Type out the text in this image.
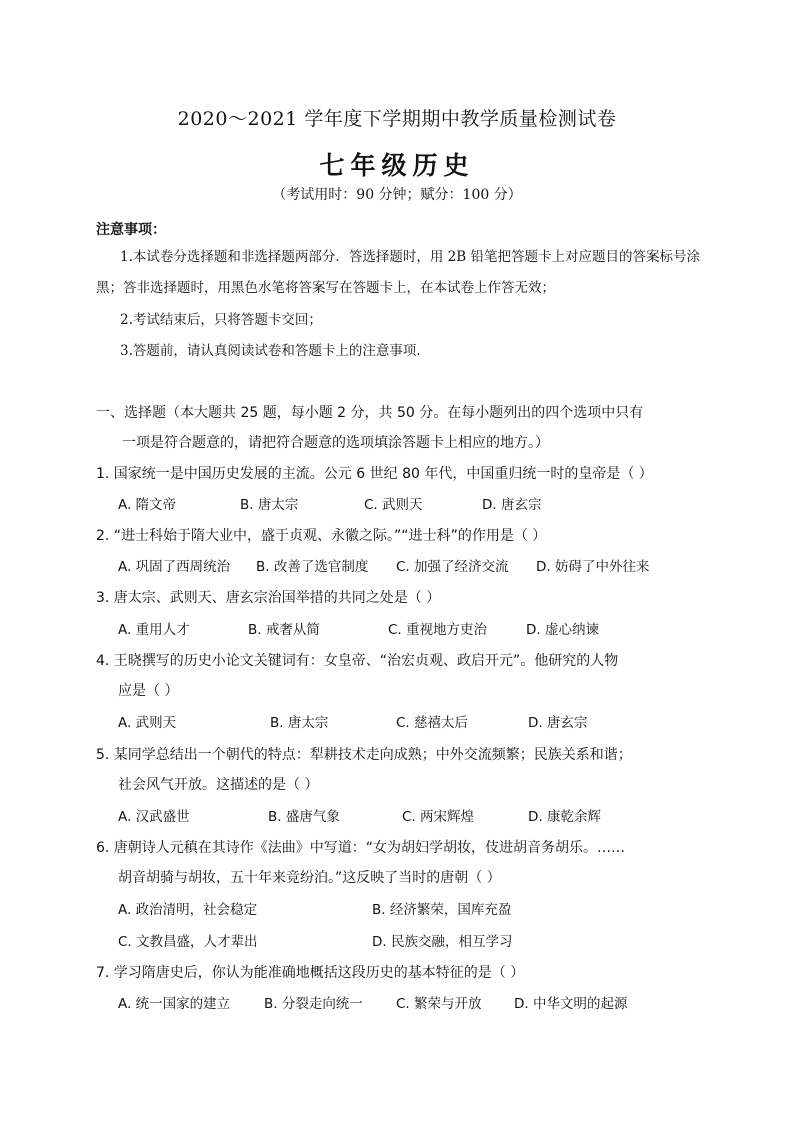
2020～2021 学年度下学期期中教学质量检测试卷
七年级历史
（考试用时：90 分钟；赋分：100 分）
注意事项：
1.本试卷分选择题和非选择题两部分．答选择题时，用 2B 铅笔把答题卡上对应题目的答案标号涂黑；答非选择题时，用黑色水笔将答案写在答题卡上，在本试卷上作答无效；
2.考试结束后，只将答题卡交回；
3.答题前，请认真阅读试卷和答题卡上的注意事项．
一、选择题（本大题共 25 题，每小题 2 分，共 50 分。在每小题列出的四个选项中只有
一项是符合题意的，请把符合题意的选项填涂答题卡上相应的地方。）
1. 国家统一是中国历史发展的主流。公元 6 世纪 80 年代，中国重归统一时的皇帝是（ ）
A. 隋文帝	B. 唐太宗	C. 武则天	D. 唐玄宗
2. “进士科始于隋大业中，盛于贞观、永徽之际。”“进士科”的作用是（ ）
A. 巩固了西周统治 B. 改善了选官制度 C. 加强了经济交流 D. 妨碍了中外往来
3. 唐太宗、武则天、唐玄宗治国举措的共同之处是（ ）
A. 重用人才	B. 戒奢从简	C. 重视地方吏治	D. 虚心纳谏
4. 王晓撰写的历史小论文关键词有：女皇帝、“治宏贞观、政启开元”。他研究的人物
应是（ ）
A. 武则天	B. 唐太宗	C. 慈禧太后	D. 唐玄宗
5. 某同学总结出一个朝代的特点：犁耕技术走向成熟；中外交流频繁；民族关系和谐；
社会风气开放。这描述的是（ ）
A. 汉武盛世	B. 盛唐气象	C. 两宋辉煌	D. 康乾余辉
6. 唐朝诗人元稹在其诗作《法曲》中写道：“女为胡妇学胡妆，伎进胡音务胡乐。……
胡音胡骑与胡妆，五十年来竞纷泊。”这反映了当时的唐朝（ ）
A. 政治清明，社会稳定	B. 经济繁荣，国库充盈
C. 文教昌盛，人才辈出	D. 民族交融，相互学习
7. 学习隋唐史后，你认为能准确地概括这段历史的基本特征的是（ ）
A. 统一国家的建立	B. 分裂走向统一 C. 繁荣与开放 D. 中华文明的起源
